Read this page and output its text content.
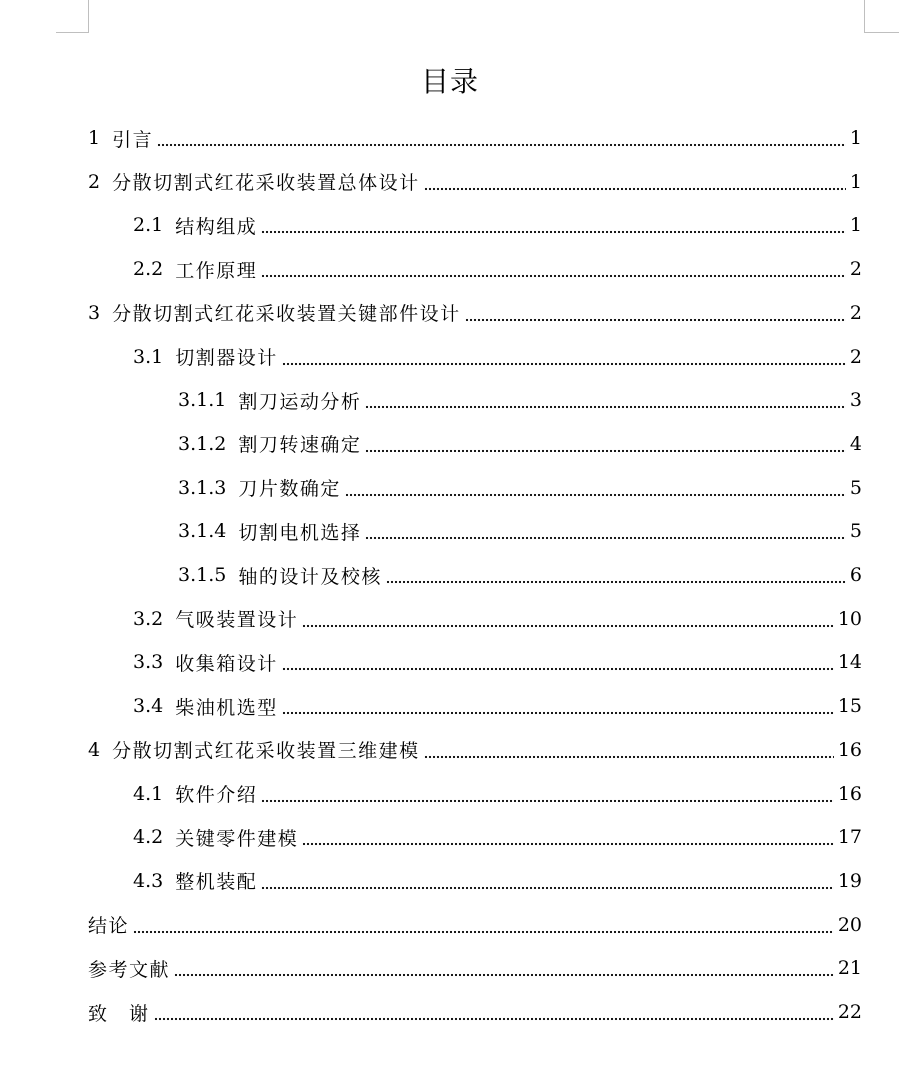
目录
1 引言	1
2 分散切割式红花采收装置总体设计	1
2.1 结构组成	1
2.2 工作原理	2
3 分散切割式红花采收装置关键部件设计	2
3.1 切割器设计	2
3.1.1 割刀运动分析	3
3.1.2 割刀转速确定	4
3.1.3 刀片数确定	5
3.1.4 切割电机选择	5
3.1.5 轴的设计及校核	6
3.2 气吸装置设计	10
3.3 收集箱设计	14
3.4 柴油机选型	15
4 分散切割式红花采收装置三维建模	16
4.1 软件介绍	16
4.2 关键零件建模	17
4.3 整机装配	19
结论	20
参考文献	21
致　谢	22
